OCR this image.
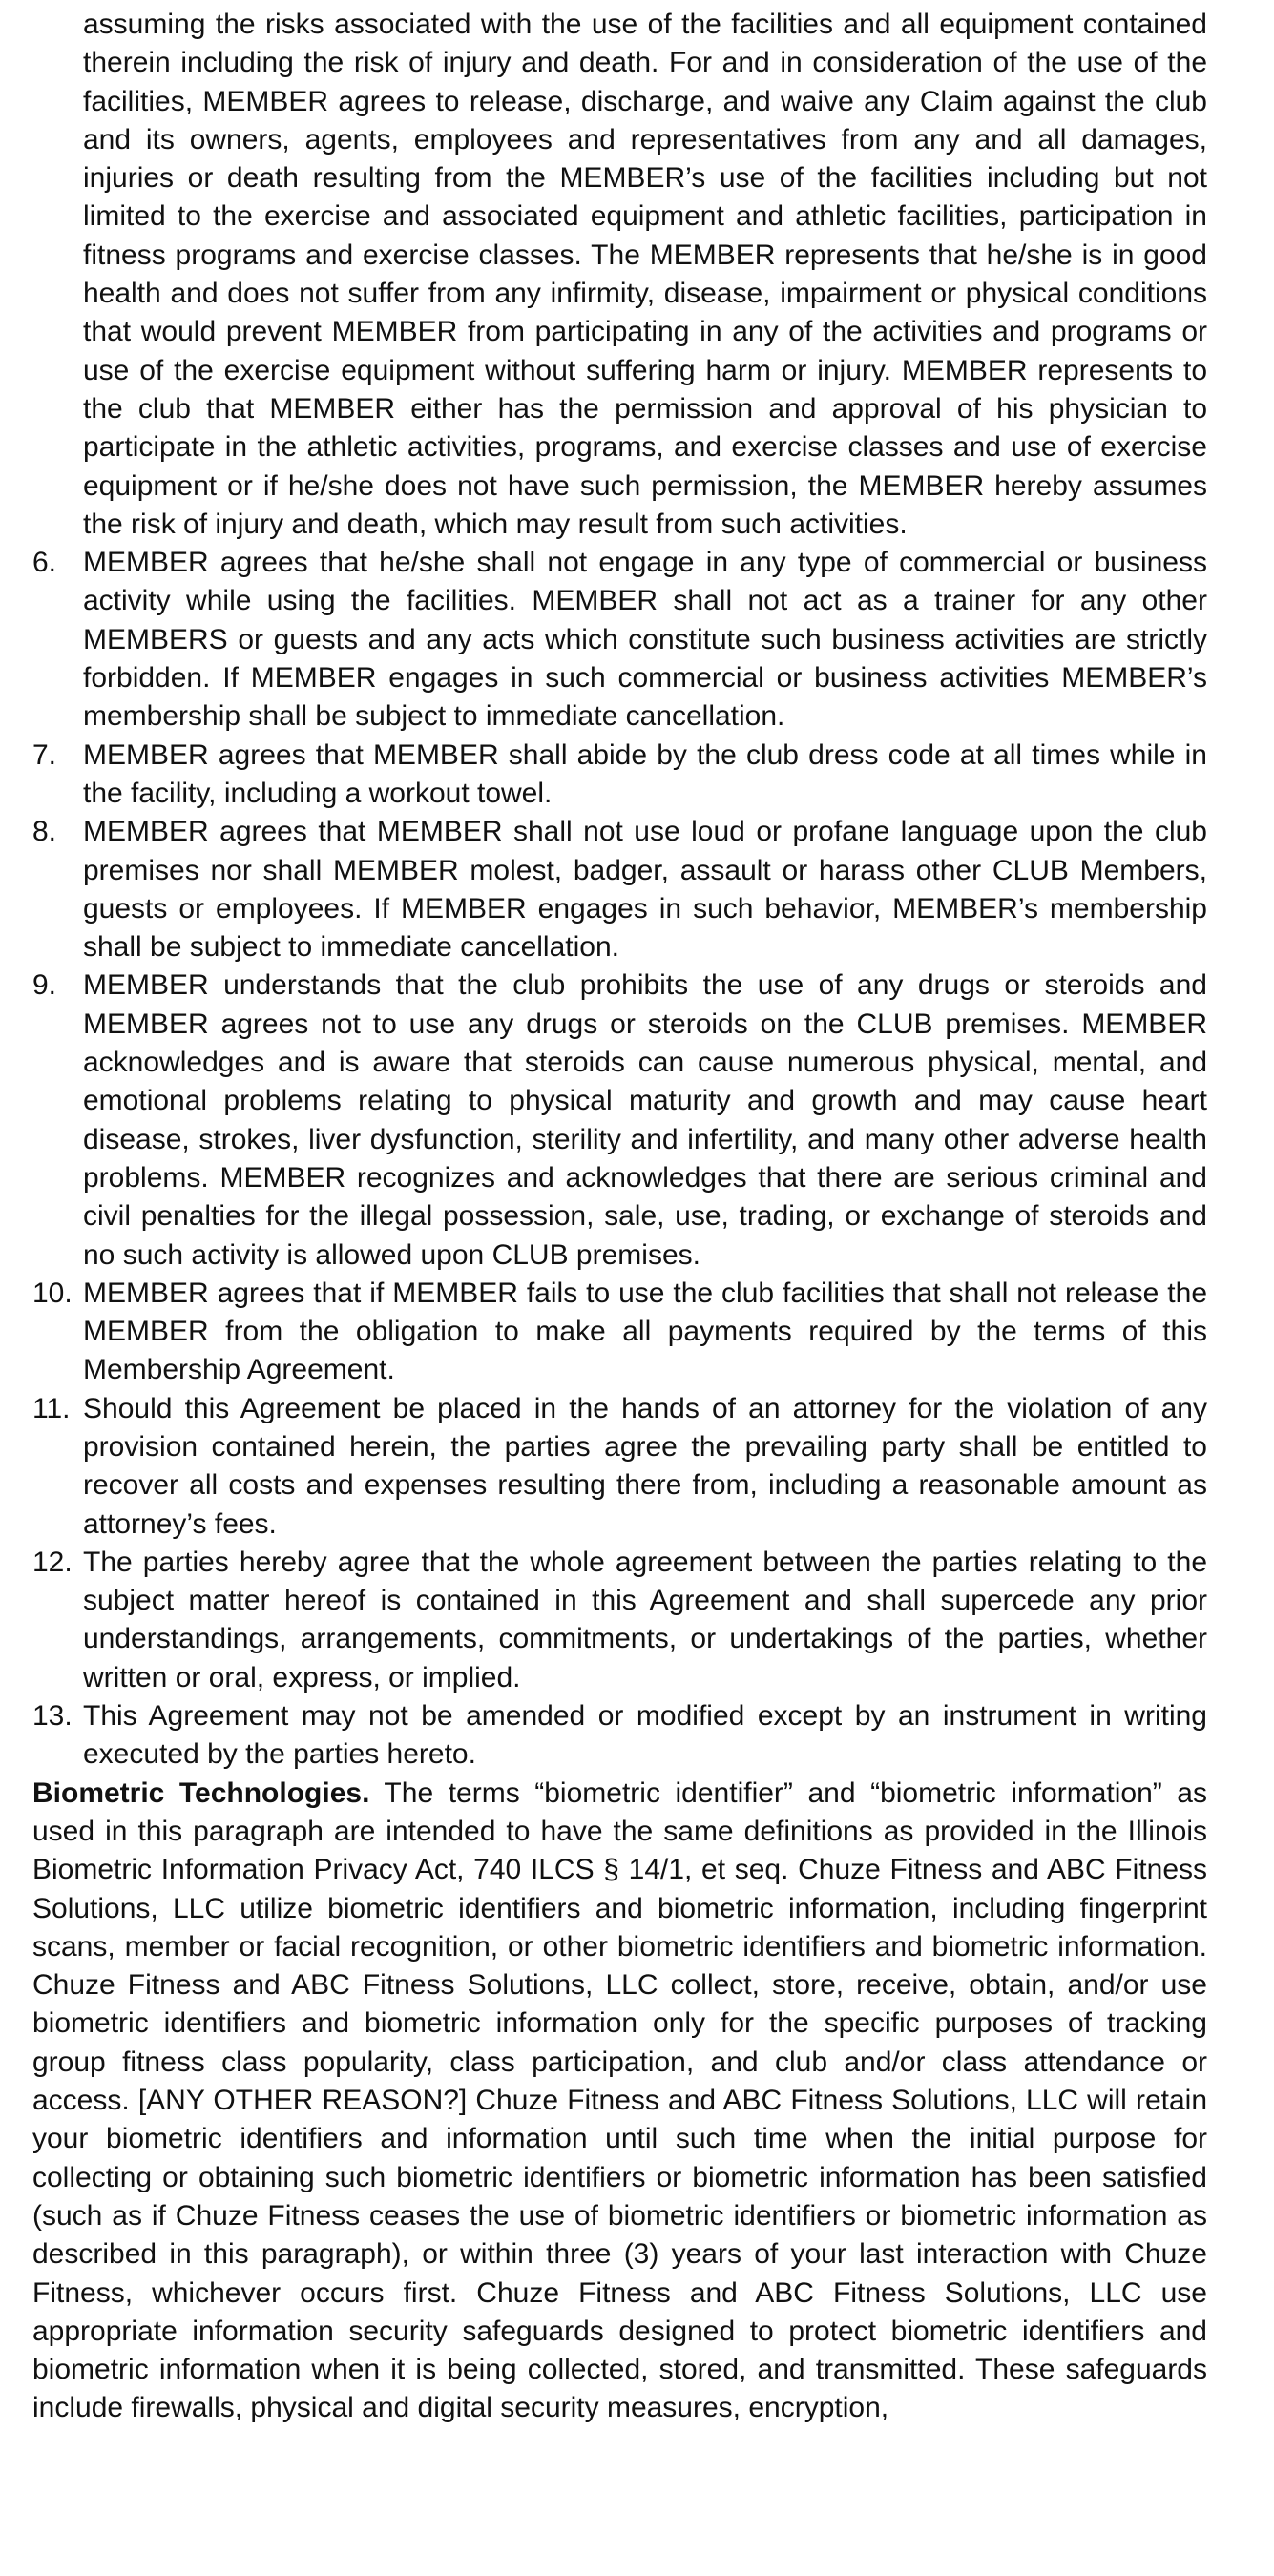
assuming the risks associated with the use of the facilities and all equipment contained therein including the risk of injury and death. For and in consideration of the use of the facilities, MEMBER agrees to release, discharge, and waive any Claim against the club and its owners, agents, employees and representatives from any and all damages, injuries or death resulting from the MEMBER’s use of the facilities including but not limited to the exercise and associated equipment and athletic facilities, participation in fitness programs and exercise classes. The MEMBER represents that he/she is in good health and does not suffer from any infirmity, disease, impairment or physical conditions that would prevent MEMBER from participating in any of the activities and programs or use of the exercise equipment without suffering harm or injury. MEMBER represents to the club that MEMBER either has the permission and approval of his physician to participate in the athletic activities, programs, and exercise classes and use of exercise equipment or if he/she does not have such permission, the MEMBER hereby assumes the risk of injury and death, which may result from such activities.
6. MEMBER agrees that he/she shall not engage in any type of commercial or business activity while using the facilities. MEMBER shall not act as a trainer for any other MEMBERS or guests and any acts which constitute such business activities are strictly forbidden. If MEMBER engages in such commercial or business activities MEMBER’s membership shall be subject to immediate cancellation.
7. MEMBER agrees that MEMBER shall abide by the club dress code at all times while in the facility, including a workout towel.
8. MEMBER agrees that MEMBER shall not use loud or profane language upon the club premises nor shall MEMBER molest, badger, assault or harass other CLUB Members, guests or employees. If MEMBER engages in such behavior, MEMBER’s membership shall be subject to immediate cancellation.
9. MEMBER understands that the club prohibits the use of any drugs or steroids and MEMBER agrees not to use any drugs or steroids on the CLUB premises. MEMBER acknowledges and is aware that steroids can cause numerous physical, mental, and emotional problems relating to physical maturity and growth and may cause heart disease, strokes, liver dysfunction, sterility and infertility, and many other adverse health problems. MEMBER recognizes and acknowledges that there are serious criminal and civil penalties for the illegal possession, sale, use, trading, or exchange of steroids and no such activity is allowed upon CLUB premises.
10. MEMBER agrees that if MEMBER fails to use the club facilities that shall not release the MEMBER from the obligation to make all payments required by the terms of this Membership Agreement.
11. Should this Agreement be placed in the hands of an attorney for the violation of any provision contained herein, the parties agree the prevailing party shall be entitled to recover all costs and expenses resulting there from, including a reasonable amount as attorney’s fees.
12. The parties hereby agree that the whole agreement between the parties relating to the subject matter hereof is contained in this Agreement and shall supercede any prior understandings, arrangements, commitments, or undertakings of the parties, whether written or oral, express, or implied.
13. This Agreement may not be amended or modified except by an instrument in writing executed by the parties hereto.
Biometric Technologies. The terms “biometric identifier” and “biometric information” as used in this paragraph are intended to have the same definitions as provided in the Illinois Biometric Information Privacy Act, 740 ILCS § 14/1, et seq. Chuze Fitness and ABC Fitness Solutions, LLC utilize biometric identifiers and biometric information, including fingerprint scans, member or facial recognition, or other biometric identifiers and biometric information. Chuze Fitness and ABC Fitness Solutions, LLC collect, store, receive, obtain, and/or use biometric identifiers and biometric information only for the specific purposes of tracking group fitness class popularity, class participation, and club and/or class attendance or access. [ANY OTHER REASON?] Chuze Fitness and ABC Fitness Solutions, LLC will retain your biometric identifiers and information until such time when the initial purpose for collecting or obtaining such biometric identifiers or biometric information has been satisfied (such as if Chuze Fitness ceases the use of biometric identifiers or biometric information as described in this paragraph), or within three (3) years of your last interaction with Chuze Fitness, whichever occurs first. Chuze Fitness and ABC Fitness Solutions, LLC use appropriate information security safeguards designed to protect biometric identifiers and biometric information when it is being collected, stored, and transmitted. These safeguards include firewalls, physical and digital security measures, encryption,
